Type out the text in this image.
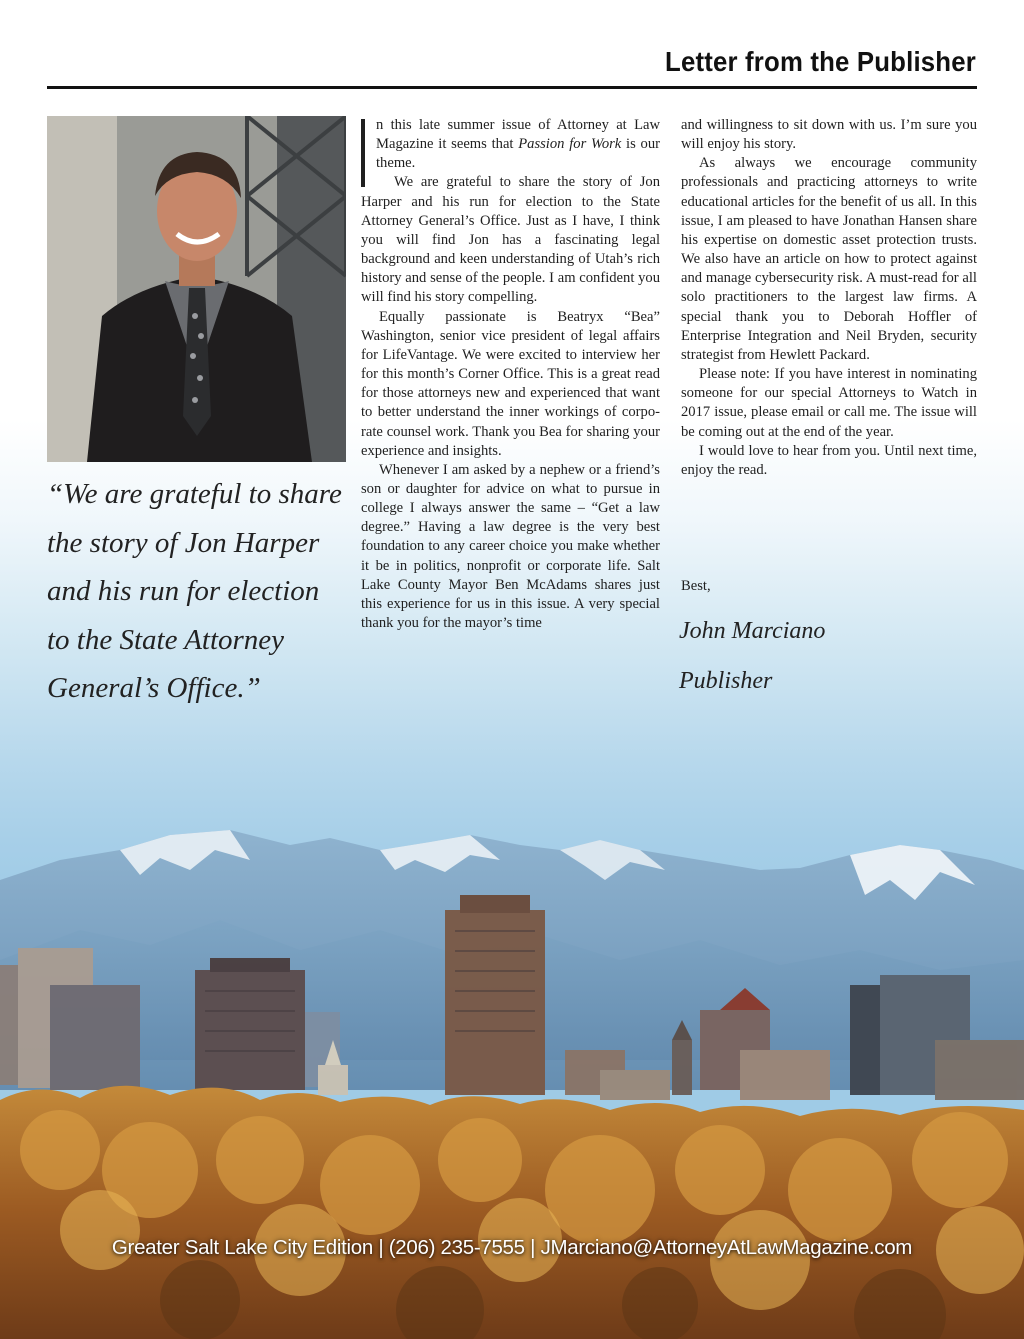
Letter from the Publisher
“We are grateful to share
the story of Jon Harper
and his run for election
to the State Attorney
General’s Office.”

n this late summer issue of Attorney at Law Magazine it seems that Passion for Work is our theme.

We are grateful to share the story of Jon Harper and his run for election to the State Attorney General’s Office. Just as I have, I think you will find Jon has a fascinating legal background and keen understanding of Utah’s rich history and sense of the people. I am confident you will find his story compelling.

Equally passionate is Beatryx “Bea” Washington, senior vice president of legal affairs for LifeVantage. We were excited to interview her for this month’s Corner Office. This is a great read for those attorneys new and experienced that want to better understand the inner workings of corporate counsel work. Thank you Bea for sharing your experience and insights.

Whenever I am asked by a nephew or a friend’s son or daughter for advice on what to pursue in college I always answer the same – “Get a law degree.” Having a law degree is the very best foundation to any career choice you make whether it be in politics, nonprofit or corporate life. Salt Lake County Mayor Ben McAdams shares just this experience for us in this issue. A very special thank you for the mayor’s time

and willingness to sit down with us. I’m sure you will enjoy his story.

As always we encourage community professionals and practicing attorneys to write educational articles for the benefit of us all. In this issue, I am pleased to have Jonathan Hansen share his expertise on domestic asset protection trusts. We also have an article on how to protect against and manage cybersecurity risk. A must-read for all solo practitioners to the largest law firms. A special thank you to Deborah Hoffler of Enterprise Integration and Neil Bryden, security strategist from Hewlett Packard.

Please note: If you have interest in nominating someone for our special Attorneys to Watch in 2017 issue, please email or call me. The issue will be coming out at the end of the year.

I would love to hear from you. Until next time, enjoy the read.

Best,
John Marciano
Publisher
Greater Salt Lake City Edition | (206) 235-7555 | JMarciano@AttorneyAtLawMagazine.com
